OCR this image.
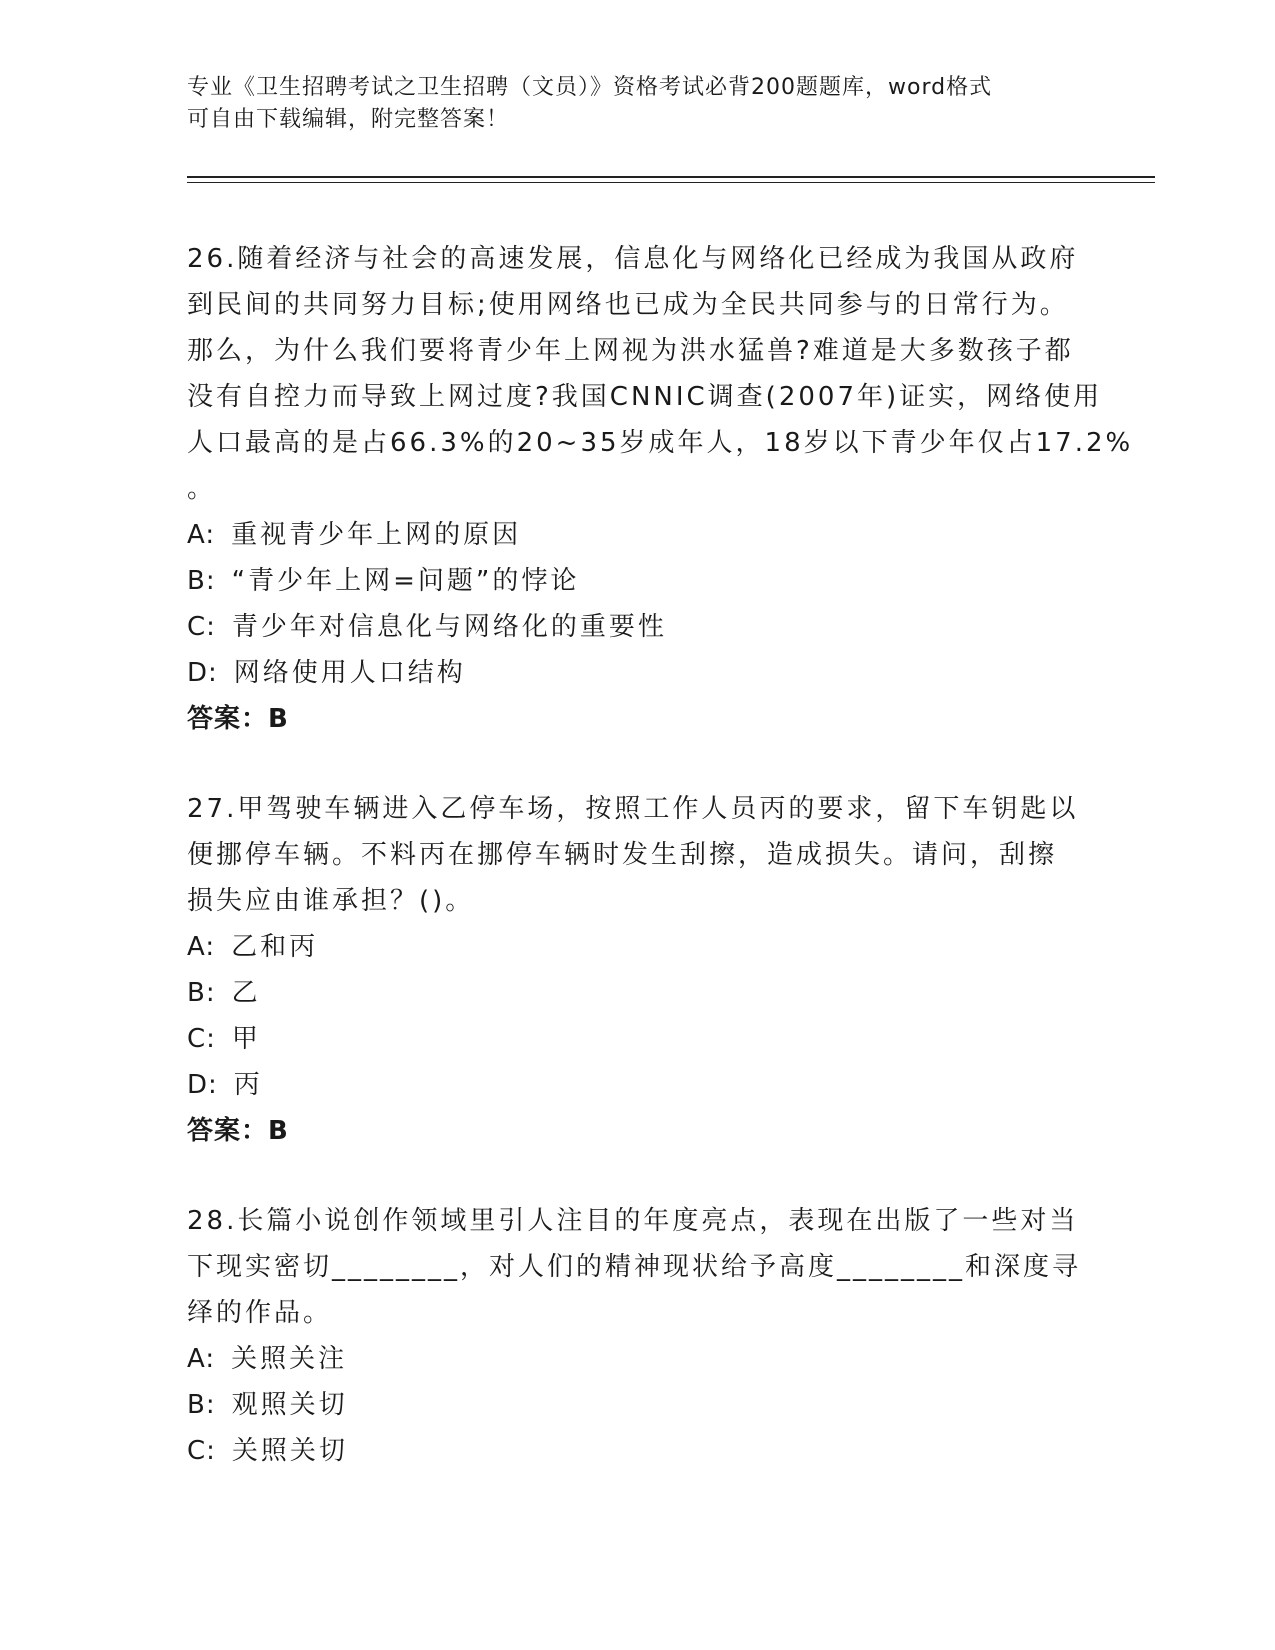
专业《卫生招聘考试之卫生招聘（文员）》资格考试必背200题题库，word格式
可自由下载编辑，附完整答案！
26.随着经济与社会的高速发展，信息化与网络化已经成为我国从政府
到民间的共同努力目标;使用网络也已成为全民共同参与的日常行为。
那么，为什么我们要将青少年上网视为洪水猛兽?难道是大多数孩子都
没有自控力而导致上网过度?我国CNNIC调查(2007年)证实，网络使用
人口最高的是占66.3%的20~35岁成年人，18岁以下青少年仅占17.2%
。
A: 重视青少年上网的原因
B: “青少年上网=问题”的悖论
C: 青少年对信息化与网络化的重要性
D: 网络使用人口结构
答案：B
27.甲驾驶车辆进入乙停车场，按照工作人员丙的要求，留下车钥匙以
便挪停车辆。不料丙在挪停车辆时发生刮擦，造成损失。请问，刮擦
损失应由谁承担？()。
A: 乙和丙
B: 乙
C: 甲
D: 丙
答案：B
28.长篇小说创作领域里引人注目的年度亮点，表现在出版了一些对当
下现实密切________，对人们的精神现状给予高度________和深度寻
绎的作品。
A: 关照关注
B: 观照关切
C: 关照关切
